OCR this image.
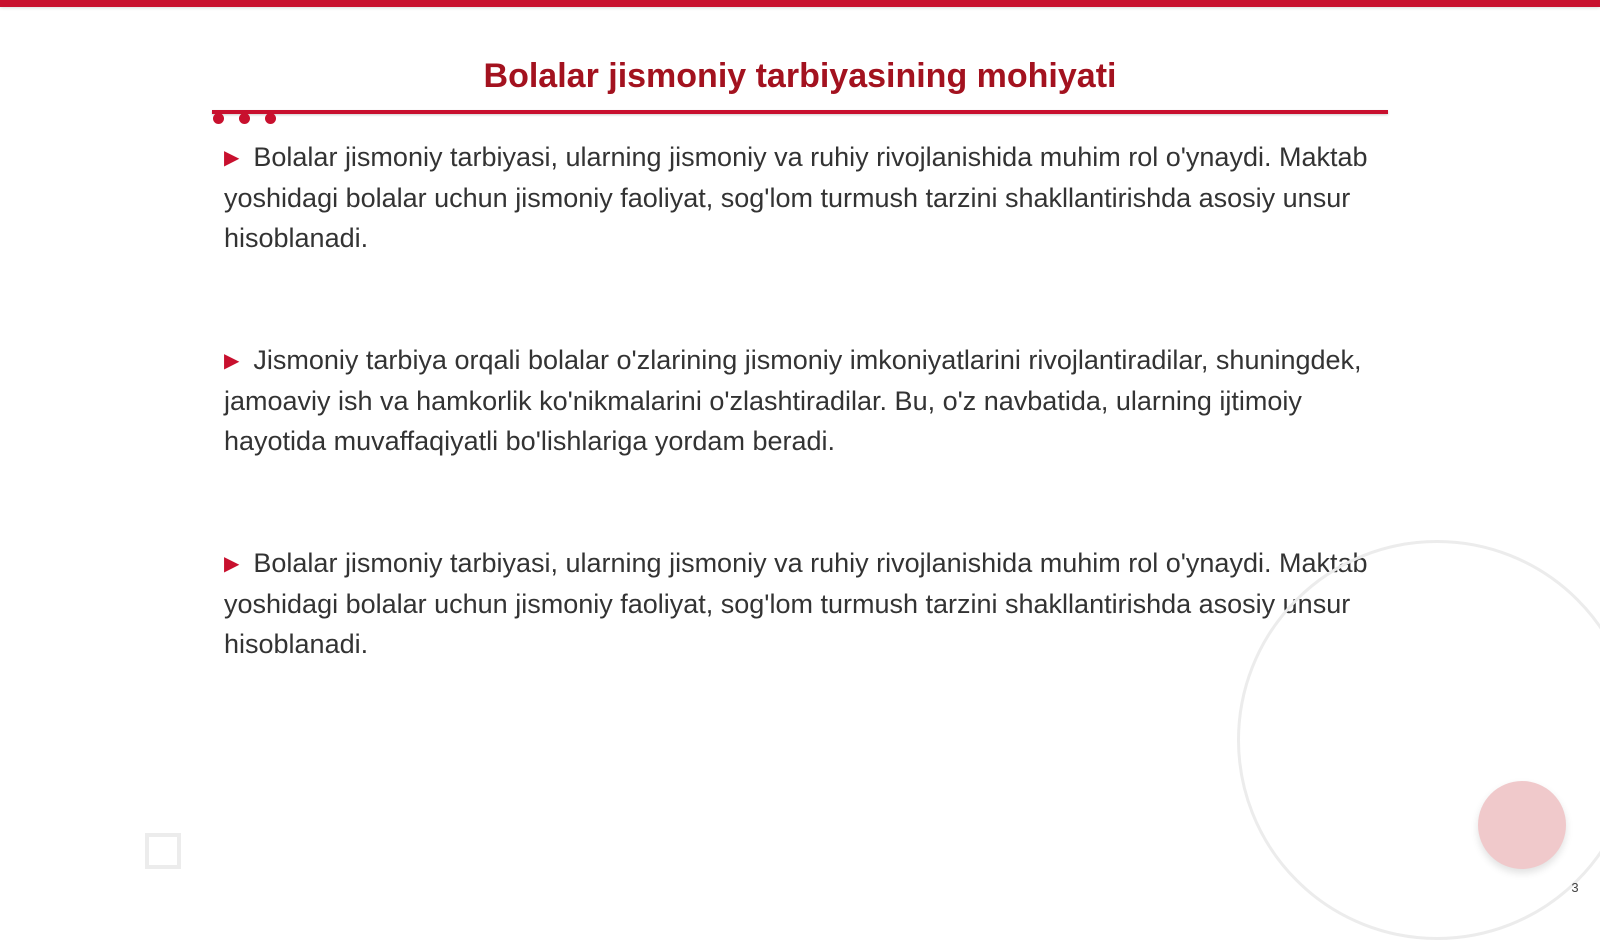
Bolalar jismoniy tarbiyasining mohiyati
▶ Bolalar jismoniy tarbiyasi, ularning jismoniy va ruhiy rivojlanishida muhim rol o'ynaydi. Maktab yoshidagi bolalar uchun jismoniy faoliyat, sog'lom turmush tarzini shakllantirishda asosiy unsur hisoblanadi.
▶ Jismoniy tarbiya orqali bolalar o'zlarining jismoniy imkoniyatlarini rivojlantiradilar, shuningdek, jamoaviy ish va hamkorlik ko'nikmalarini o'zlashtiradilar. Bu, o'z navbatida, ularning ijtimoiy hayotida muvaffaqiyatli bo'lishlariga yordam beradi.
▶ Bolalar jismoniy tarbiyasi, ularning jismoniy va ruhiy rivojlanishida muhim rol o'ynaydi. Maktab yoshidagi bolalar uchun jismoniy faoliyat, sog'lom turmush tarzini shakllantirishda asosiy unsur hisoblanadi.
3
